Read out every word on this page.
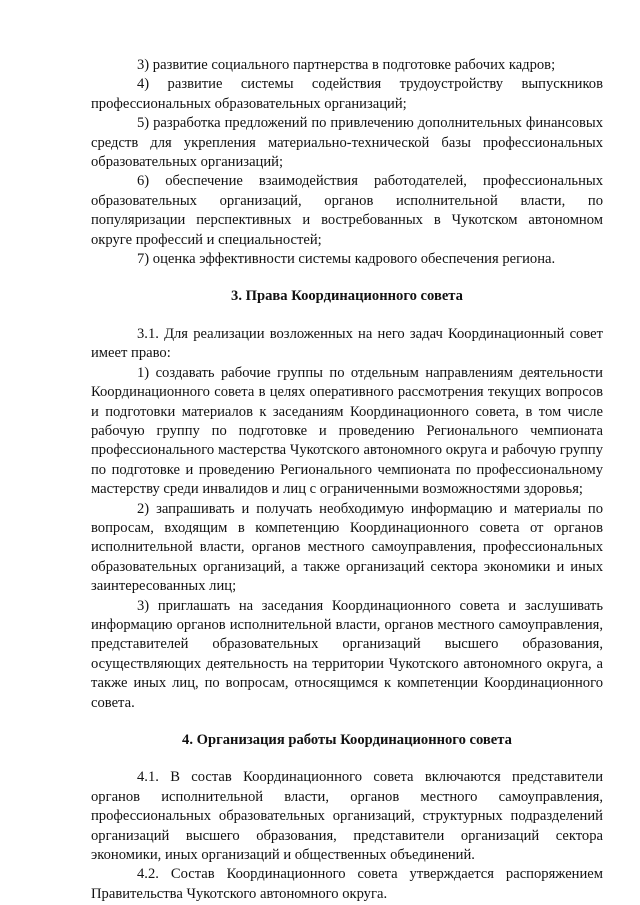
3) развитие социального партнерства в подготовке рабочих кадров;

4) развитие системы содействия трудоустройству выпускников профессиональных образовательных организаций;

5) разработка предложений по привлечению дополнительных финансовых средств для укрепления материально-технической базы профессиональных образовательных организаций;

6) обеспечение взаимодействия работодателей, профессиональных образовательных организаций, органов исполнительной власти, по популяризации перспективных и востребованных в Чукотском автономном округе профессий и специальностей;

7) оценка эффективности системы кадрового обеспечения региона.

3. Права Координационного совета

3.1. Для реализации возложенных на него задач Координационный совет имеет право:

1) создавать рабочие группы по отдельным направлениям деятельности Координационного совета в целях оперативного рассмотрения текущих вопросов и подготовки материалов к заседаниям Координационного совета, в том числе рабочую группу по подготовке и проведению Регионального чемпионата профессионального мастерства Чукотского автономного округа и рабочую группу по подготовке и проведению Регионального чемпионата по профессиональному мастерству среди инвалидов и лиц с ограниченными возможностями здоровья;

2) запрашивать и получать необходимую информацию и материалы по вопросам, входящим в компетенцию Координационного совета от органов исполнительной власти, органов местного самоуправления, профессиональных образовательных организаций, а также организаций сектора экономики и иных заинтересованных лиц;

3) приглашать на заседания Координационного совета и заслушивать информацию органов исполнительной власти, органов местного самоуправления, представителей образовательных организаций высшего образования, осуществляющих деятельность на территории Чукотского автономного округа, а также иных лиц, по вопросам, относящимся к компетенции Координационного совета.

4. Организация работы Координационного совета

4.1. В состав Координационного совета включаются представители органов исполнительной власти, органов местного самоуправления, профессиональных образовательных организаций, структурных подразделений организаций высшего образования, представители организаций сектора экономики, иных организаций и общественных объединений.

4.2. Состав Координационного совета утверждается распоряжением Правительства Чукотского автономного округа.
